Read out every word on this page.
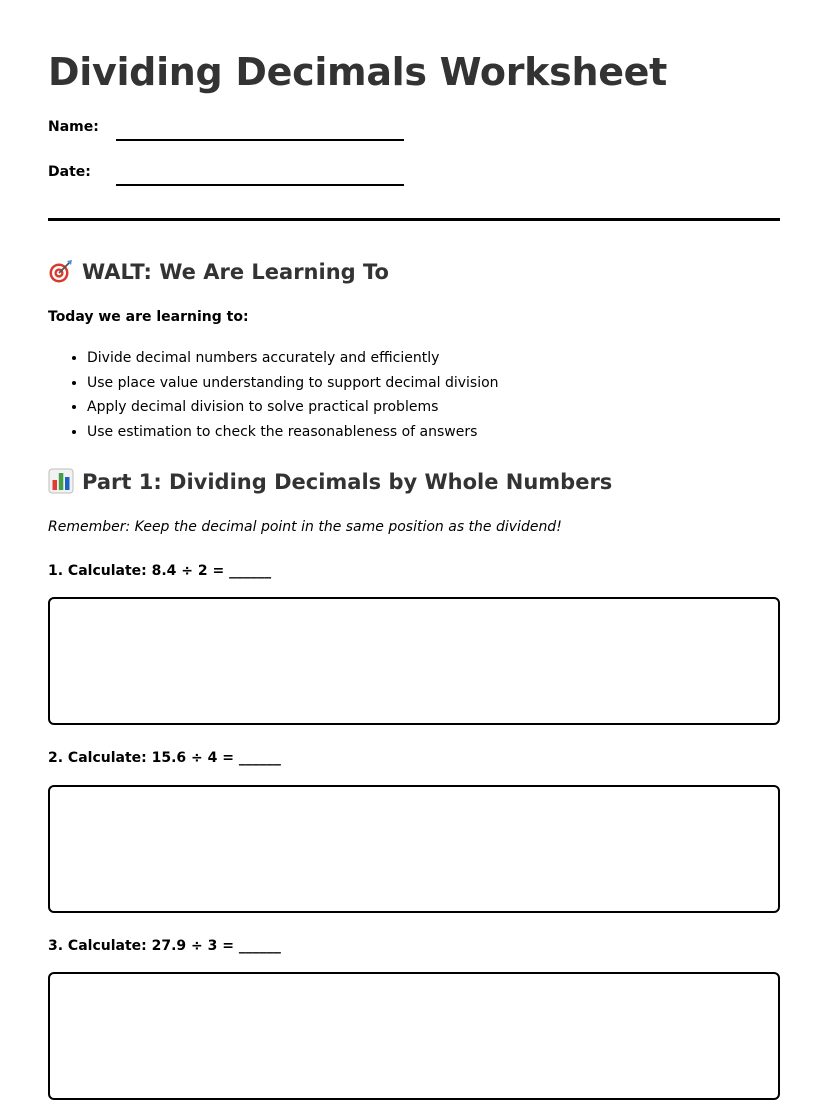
Dividing Decimals Worksheet
Name:
Date:
WALT: We Are Learning To
Today we are learning to:
• Divide decimal numbers accurately and efficiently
• Use place value understanding to support decimal division
• Apply decimal division to solve practical problems
• Use estimation to check the reasonableness of answers
Part 1: Dividing Decimals by Whole Numbers
Remember: Keep the decimal point in the same position as the dividend!
1. Calculate: 8.4 ÷ 2 = ______
2. Calculate: 15.6 ÷ 4 = ______
3. Calculate: 27.9 ÷ 3 = ______
